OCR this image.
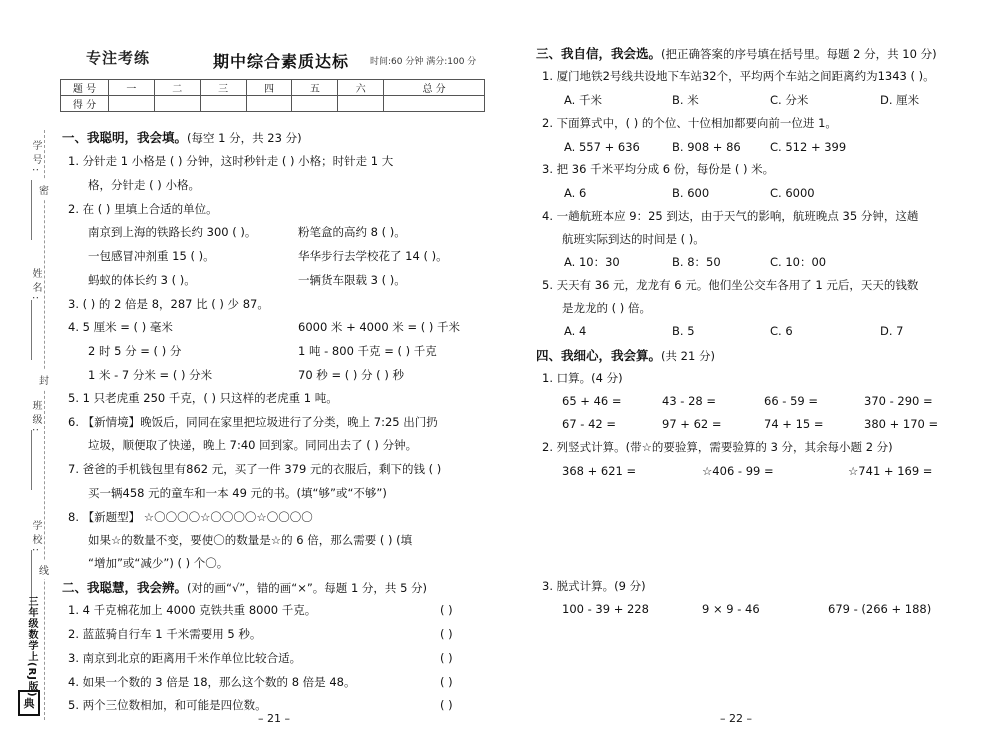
学号:
姓名:
班级:
学校:
密
封
线
三年级数学上(RJ版)
典
专 注 考 练	期中综合素质达标 时间:60 分钟 满分:100 分
题 号	一	二	三	四	五	六	总 分
得 分							
一、我聪明，我会填。(每空 1 分，共 23 分)
1. 分针走 1 小格是 ( ) 分钟，这时秒针走 ( ) 小格；时针走 1 大
格，分针走 ( ) 小格。
2. 在 ( ) 里填上合适的单位。
南京到上海的铁路长约 300 ( )。	粉笔盒的高约 8 ( )。
一包感冒冲剂重 15 ( )。	华华步行去学校花了 14 ( )。
蚂蚁的体长约 3 ( )。	一辆货车限载 3 ( )。
3. ( ) 的 2 倍是 8，287 比 ( ) 少 87。
4. 5 厘米 = ( ) 毫米	6000 米 + 4000 米 = ( ) 千米
2 时 5 分 = ( ) 分	1 吨 - 800 千克 = ( ) 千克
1 米 - 7 分米 = ( ) 分米	70 秒 = ( ) 分 ( ) 秒
5. 1 只老虎重 250 千克，( ) 只这样的老虎重 1 吨。
6. 【新情境】晚饭后，同同在家里把垃圾进行了分类，晚上 7:25 出门扔
垃圾，顺便取了快递，晚上 7:40 回到家。同同出去了 ( ) 分钟。
7. 爸爸的手机钱包里有862 元，买了一件 379 元的衣服后，剩下的钱 ( )
买一辆458 元的童车和一本 49 元的书。(填“够”或“不够”)
8. 【新题型】 ☆〇〇〇〇☆〇〇〇〇☆〇〇〇〇
如果☆的数量不变，要使〇的数量是☆的 6 倍，那么需要 ( ) (填
“增加”或“减少”) ( ) 个〇。
二、我聪慧，我会辨。(对的画“√”，错的画“×”。每题 1 分，共 5 分)
1. 4 千克棉花加上 4000 克铁共重 8000 千克。	( )
2. 蓝蓝骑自行车 1 千米需要用 5 秒。	( )
3. 南京到北京的距离用千米作单位比较合适。	( )
4. 如果一个数的 3 倍是 18，那么这个数的 8 倍是 48。	( )
5. 两个三位数相加，和可能是四位数。	( )
– 21 –
三、我自信，我会选。(把正确答案的序号填在括号里。每题 2 分，共 10 分)
1. 厦门地铁2号线共设地下车站32个，平均两个车站之间距离约为1343 ( )。
A. 千米	B. 米	C. 分米	D. 厘米
2. 下面算式中，( ) 的个位、十位相加都要向前一位进 1。
A. 557 + 636	B. 908 + 86	C. 512 + 399
3. 把 36 千米平均分成 6 份，每份是 ( ) 米。
A. 6	B. 600	C. 6000
4. 一趟航班本应 9：25 到达，由于天气的影响，航班晚点 35 分钟，这趟
航班实际到达的时间是 ( )。
A. 10：30	B. 8：50	C. 10：00
5. 天天有 36 元，龙龙有 6 元。他们坐公交车各用了 1 元后，天天的钱数
是龙龙的 ( ) 倍。
A. 4	B. 5	C. 6	D. 7
四、我细心，我会算。(共 21 分)
1. 口算。(4 分)
65 + 46 =	43 - 28 =	66 - 59 =	370 - 290 =
67 - 42 =	97 + 62 =	74 + 15 =	380 + 170 =
2. 列竖式计算。(带☆的要验算，需要验算的 3 分，其余每小题 2 分)
368 + 621 =	☆406 - 99 =	☆741 + 169 =
3. 脱式计算。(9 分)
100 - 39 + 228	9 × 9 - 46	679 - (266 + 188)
– 22 –
